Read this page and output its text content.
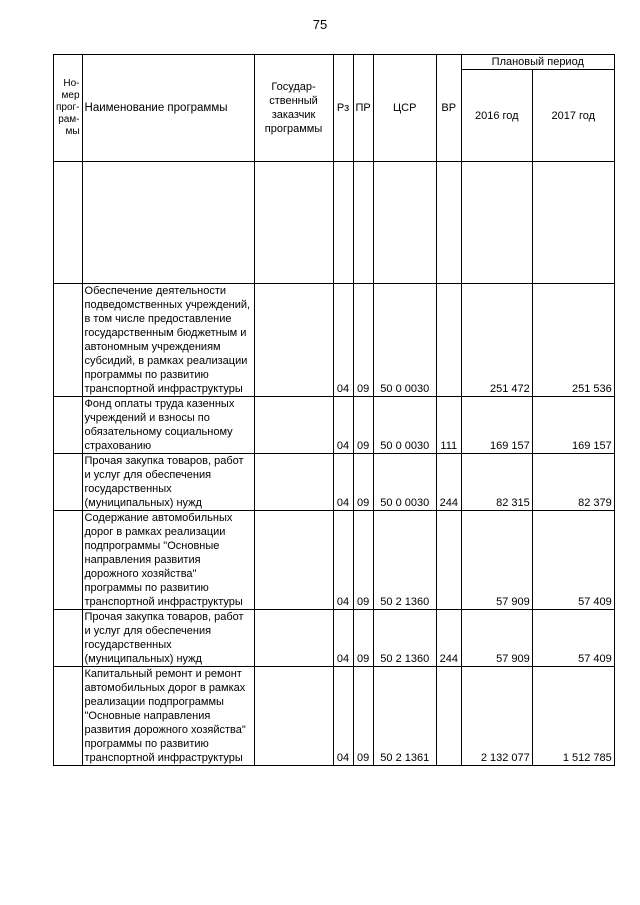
75
Но-мер прог-рам-мы	Наименование программы	Государ-ственный заказчик программы	Рз	ПР	ЦСР	ВР	Плановый период	
							2016 год	2017 год

	Обеспечение деятельности подведомственных учреждений, в том числе предоставление государственным бюджетным и автономным учреждениям субсидий, в рамках реализации программы по развитию транспортной инфраструктуры		04	09	50 0 0030		251 472	251 536
	Фонд оплаты труда казенных учреждений и взносы по обязательному социальному страхованию		04	09	50 0 0030	111	169 157	169 157
	Прочая закупка товаров, работ и услуг для обеспечения государственных (муниципальных) нужд		04	09	50 0 0030	244	82 315	82 379
	Содержание автомобильных дорог в рамках реализации подпрограммы "Основные направления развития дорожного хозяйства" программы по развитию транспортной инфраструктуры		04	09	50 2 1360		57 909	57 409
	Прочая закупка товаров, работ и услуг для обеспечения государственных (муниципальных) нужд		04	09	50 2 1360	244	57 909	57 409
	Капитальный ремонт и ремонт автомобильных дорог в рамках реализации подпрограммы "Основные направления развития дорожного хозяйства" программы по развитию транспортной инфраструктуры		04	09	50 2 1361		2 132 077	1 512 785
